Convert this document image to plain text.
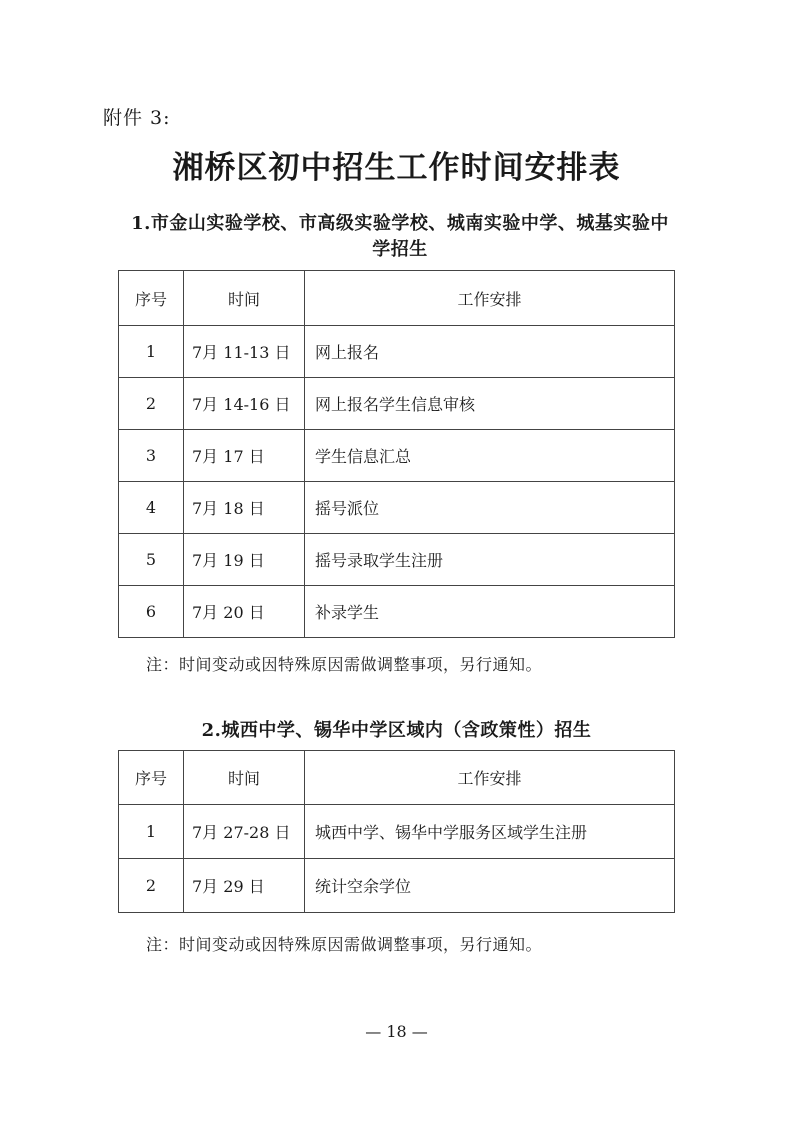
附件 3:
湘桥区初中招生工作时间安排表
1.市金山实验学校、市高级实验学校、城南实验中学、城基实验中
学招生
序号	时间	工作安排
1	7月 11-13 日	网上报名
2	7月 14-16 日	网上报名学生信息审核
3	7月 17 日	学生信息汇总
4	7月 18 日	摇号派位
5	7月 19 日	摇号录取学生注册
6	7月 20 日	补录学生
注：时间变动或因特殊原因需做调整事项，另行通知。
2.城西中学、锡华中学区域内（含政策性）招生
序号	时间	工作安排
1	7月 27-28 日	城西中学、锡华中学服务区域学生注册
2	7月 29 日	统计空余学位
注：时间变动或因特殊原因需做调整事项，另行通知。
— 18 —
